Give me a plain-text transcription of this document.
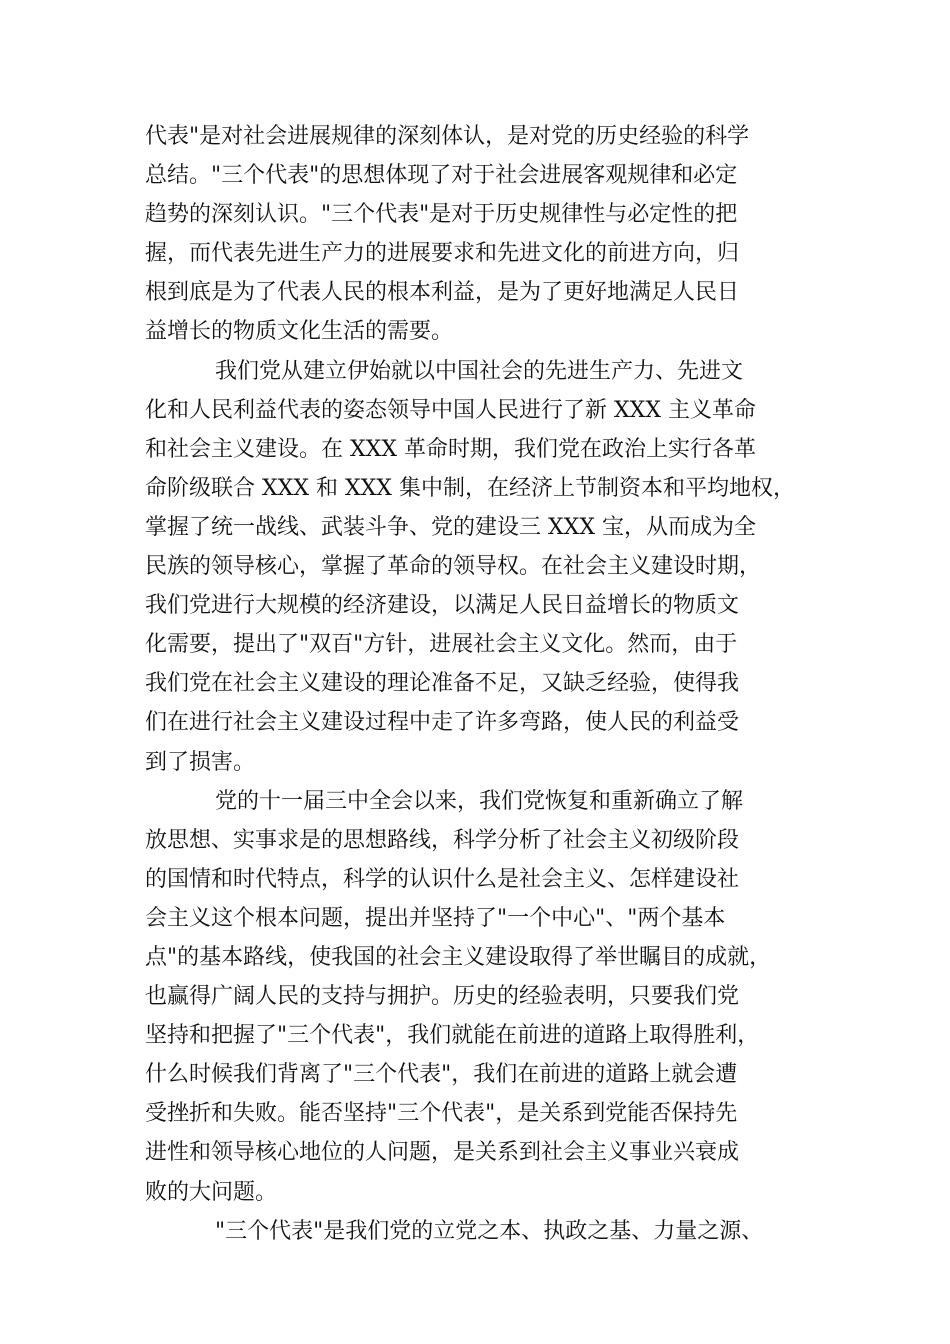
代表"是对社会进展规律的深刻体认，是对党的历史经验的科学
总结。"三个代表"的思想体现了对于社会进展客观规律和必定
趋势的深刻认识。"三个代表"是对于历史规律性与必定性的把
握，而代表先进生产力的进展要求和先进文化的前进方向，归
根到底是为了代表人民的根本利益，是为了更好地满足人民日
益增长的物质文化生活的需要。
我们党从建立伊始就以中国社会的先进生产力、先进文
化和人民利益代表的姿态领导中国人民进行了新 XXX 主义革命
和社会主义建设。在 XXX 革命时期，我们党在政治上实行各革
命阶级联合 XXX 和 XXX 集中制，在经济上节制资本和平均地权，
掌握了统一战线、武装斗争、党的建设三 XXX 宝，从而成为全
民族的领导核心，掌握了革命的领导权。在社会主义建设时期，
我们党进行大规模的经济建设，以满足人民日益增长的物质文
化需要，提出了"双百"方针，进展社会主义文化。然而，由于
我们党在社会主义建设的理论准备不足，又缺乏经验，使得我
们在进行社会主义建设过程中走了许多弯路，使人民的利益受
到了损害。
党的十一届三中全会以来，我们党恢复和重新确立了解
放思想、实事求是的思想路线，科学分析了社会主义初级阶段
的国情和时代特点，科学的认识什么是社会主义、怎样建设社
会主义这个根本问题，提出并坚持了"一个中心"、"两个基本
点"的基本路线，使我国的社会主义建设取得了举世瞩目的成就，
也赢得广阔人民的支持与拥护。历史的经验表明，只要我们党
坚持和把握了"三个代表"，我们就能在前进的道路上取得胜利，
什么时候我们背离了"三个代表"，我们在前进的道路上就会遭
受挫折和失败。能否坚持"三个代表"，是关系到党能否保持先
进性和领导核心地位的人问题，是关系到社会主义事业兴衰成
败的大问题。
"三个代表"是我们党的立党之本、执政之基、力量之源、
